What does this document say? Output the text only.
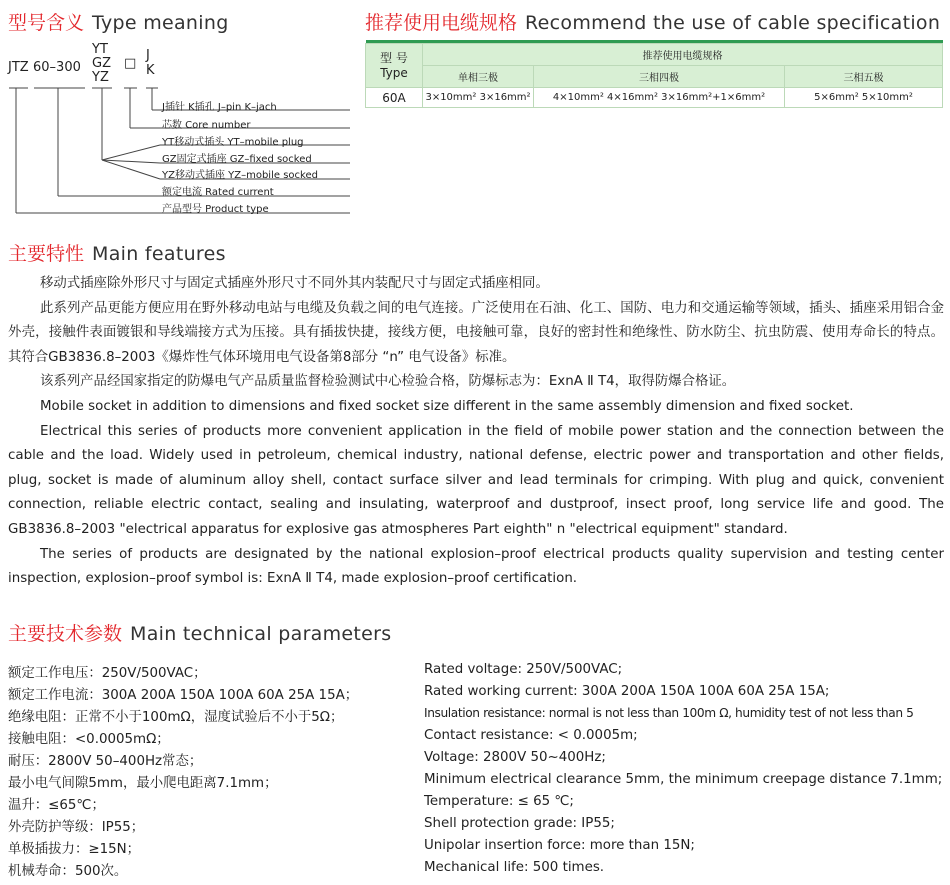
型号含义 Type meaning
JTZ 60–300
YT
GZ
YZ
□
J
K
J插针 K插孔 J–pin K–jach
芯数 Core number
YT移动式插头 YT–mobile plug
GZ固定式插座 GZ–fixed socked
YZ移动式插座 YZ–mobile socked
额定电流 Rated current
产品型号 Product type
推荐使用电缆规格 Recommend the use of cable specification

型 号
Type	推荐使用电缆规格		
	单相三极	三相四极	三相五极
60A	3×10mm² 3×16mm²	4×10mm² 4×16mm² 3×16mm²+1×6mm²	5×6mm² 5×10mm²
主要特性 Main features

移动式插座除外形尺寸与固定式插座外形尺寸不同外其内装配尺寸与固定式插座相同。

此系列产品更能方便应用在野外移动电站与电缆及负载之间的电气连接。广泛使用在石油、化工、国防、电力和交通运输等领域，插头、插座采用铝合金外壳，接触件表面镀银和导线端接方式为压接。具有插拔快捷，接线方便，电接触可靠，良好的密封性和绝缘性、防水防尘、抗虫防震、使用寿命长的特点。其符合GB3836.8–2003《爆炸性气体环境用电气设备第8部分 “n” 电气设备》标准。

该系列产品经国家指定的防爆电气产品质量监督检验测试中心检验合格，防爆标志为：ExnA Ⅱ T4，取得防爆合格证。

Mobile socket in addition to dimensions and fixed socket size different in the same assembly dimension and fixed socket.

Electrical this series of products more convenient application in the field of mobile power station and the connection between the cable and the load. Widely used in petroleum, chemical industry, national defense, electric power and transportation and other fields, plug, socket is made of aluminum alloy shell, contact surface silver and lead terminals for crimping. With plug and quick, convenient connection, reliable electric contact, sealing and insulating, waterproof and dustproof, insect proof, long service life and good. The GB3836.8–2003 "electrical apparatus for explosive gas atmospheres Part eighth" n "electrical equipment" standard.

The series of products are designated by the national explosion–proof electrical products quality supervision and testing center inspection, explosion–proof symbol is: ExnA Ⅱ T4, made explosion–proof certification.

主要技术参数 Main technical parameters
额定工作电压：250V/500VAC；
额定工作电流：300A 200A 150A 100A 60A 25A 15A；
绝缘电阻：正常不小于100mΩ，湿度试验后不小于5Ω；
接触电阻：<0.0005mΩ；
耐压：2800V 50–400Hz常态；
最小电气间隙5mm，最小爬电距离7.1mm；
温升：≤65℃；
外壳防护等级：IP55；
单极插拔力：≥15N；
机械寿命：500次。
Rated voltage: 250V/500VAC;
Rated working current: 300A 200A 150A 100A 60A 25A 15A;
Insulation resistance: normal is not less than 100m Ω, humidity test of not less than 5
Contact resistance: < 0.0005m;
Voltage: 2800V 50~400Hz;
Minimum electrical clearance 5mm, the minimum creepage distance 7.1mm;
Temperature: ≤ 65 ℃;
Shell protection grade: IP55;
Unipolar insertion force: more than 15N;
Mechanical life: 500 times.
